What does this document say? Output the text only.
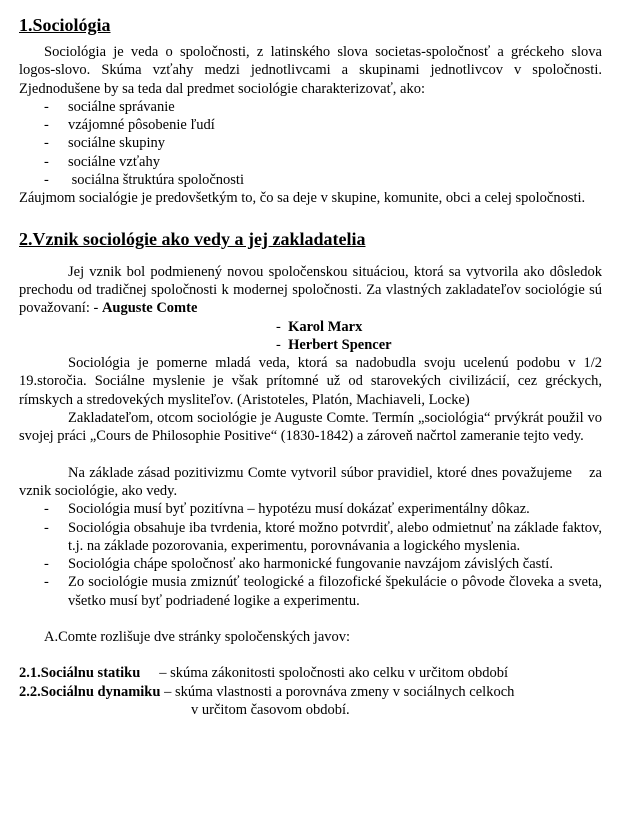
1.Sociológia

Sociológia je veda o spoločnosti, z latinského slova societas-spoločnosť a gréckeho slova logos-slovo. Skúma vzťahy medzi jednotlivcami a skupinami jednotlivcov v spoločnosti. Zjednodušene by sa teda dal predmet sociológie charakterizovať, ako:

- sociálne správanie
- vzájomné pôsobenie ľudí
- sociálne skupiny
- sociálne vzťahy
-  sociálna štruktúra spoločnosti

Záujmom socialógie je predovšetkým to, čo sa deje v skupine, komunite, obci a celej spoločnosti.

2.Vznik sociológie ako vedy a jej zakladatelia

Jej vznik bol podmienený novou spoločenskou situáciou, ktorá sa vytvorila ako dôsledok prechodu od tradičnej spoločnosti k modernej spoločnosti. Za vlastných zakladateľov sociológie sú považovaní: - Auguste Comte

- Karol Marx
- Herbert Spencer

Sociológia je pomerne mladá veda, ktorá sa nadobudla svoju ucelenú podobu v 1/2 19.storočia. Sociálne myslenie je však prítomné už od starovekých civilizácií, cez gréckych, rímskych a stredovekých mysliteľov. (Aristoteles, Platón, Machiaveli, Locke)

Zakladateľom, otcom sociológie je Auguste Comte. Termín „sociológia“ prvýkrát použil vo svojej práci „Cours de Philosophie Positive“ (1830-1842) a zároveň načrtol zameranie tejto vedy.

Na základe zásad pozitivizmu Comte vytvoril súbor pravidiel, ktoré dnes považujeme    za vznik sociológie, ako vedy.

- Sociológia musí byť pozitívna – hypotézu musí dokázať experimentálny dôkaz.
- Sociológia obsahuje iba tvrdenia, ktoré možno potvrdiť, alebo odmietnuť na základe faktov, t.j. na základe pozorovania, experimentu, porovnávania a logického myslenia.
- Sociológia chápe spoločnosť ako harmonické fungovanie navzájom závislých častí.
- Zo sociológie musia zmiznúť teologické a filozofické špekulácie o pôvode človeka a sveta, všetko musí byť podriadené logike a experimentu.

A.Comte rozlišuje dve stránky spoločenských javov:

2.1.Sociálnu statiku – skúma zákonitosti spoločnosti ako celku v určitom období
2.2.Sociálnu dynamiku – skúma vlastnosti a porovnáva zmeny v sociálnych celkoch
v určitom časovom období.
